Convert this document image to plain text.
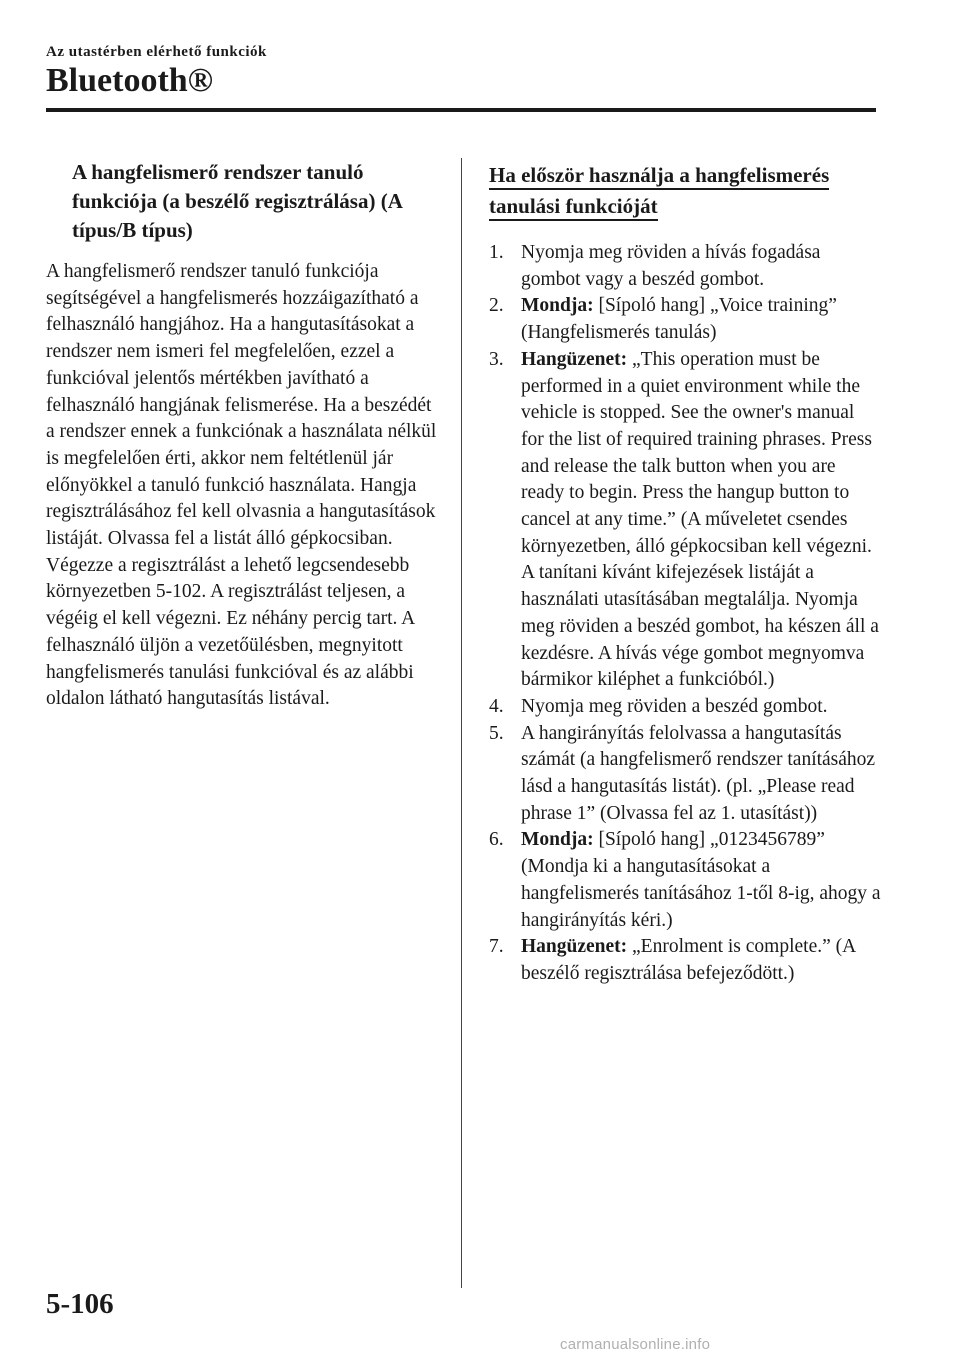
Az utastérben elérhető funkciók
Bluetooth®
A hangfelismerő rendszer tanuló funkciója (a beszélő regisztrálása) (A típus/B típus)

A hangfelismerő rendszer tanuló funkciója segítségével a hangfelismerés hozzáigazítható a felhasználó hangjához. Ha a hangutasításokat a rendszer nem ismeri fel megfelelően, ezzel a funkcióval jelentős mértékben javítható a felhasználó hangjának felismerése. Ha a beszédét a rendszer ennek a funkciónak a használata nélkül is megfelelően érti, akkor nem feltétlenül jár előnyökkel a tanuló funkció használata. Hangja regisztrálásához fel kell olvasnia a hangutasítások listáját. Olvassa fel a listát álló gépkocsiban. Végezze a regisztrálást a lehető legcsendesebb környezetben 5-102. A regisztrálást teljesen, a végéig el kell végezni. Ez néhány percig tart. A felhasználó üljön a vezetőülésben, megnyitott hangfelismerés tanulási funkcióval és az alábbi oldalon látható hangutasítás listával.

Ha először használja a hangfelismerés tanulási funkcióját
1. Nyomja meg röviden a hívás fogadása gombot vagy a beszéd gombot.
2. Mondja: [Sípoló hang] „Voice training” (Hangfelismerés tanulás)
3. Hangüzenet: „This operation must be performed in a quiet environment while the vehicle is stopped. See the owner's manual for the list of required training phrases. Press and release the talk button when you are ready to begin. Press the hangup button to cancel at any time.” (A műveletet csendes környezetben, álló gépkocsiban kell végezni. A tanítani kívánt kifejezések listáját a használati utasításában megtalálja. Nyomja meg röviden a beszéd gombot, ha készen áll a kezdésre. A hívás vége gombot megnyomva bármikor kiléphet a funkcióból.)
4. Nyomja meg röviden a beszéd gombot.
5. A hangirányítás felolvassa a hangutasítás számát (a hangfelismerő rendszer tanításához lásd a hangutasítás listát). (pl. „Please read phrase 1” (Olvassa fel az 1. utasítást))
6. Mondja: [Sípoló hang] „0123456789” (Mondja ki a hangutasításokat a hangfelismerés tanításához 1-től 8-ig, ahogy a hangirányítás kéri.)
7. Hangüzenet: „Enrolment is complete.” (A beszélő regisztrálása befejeződött.)
5-106
carmanualsonline.info
